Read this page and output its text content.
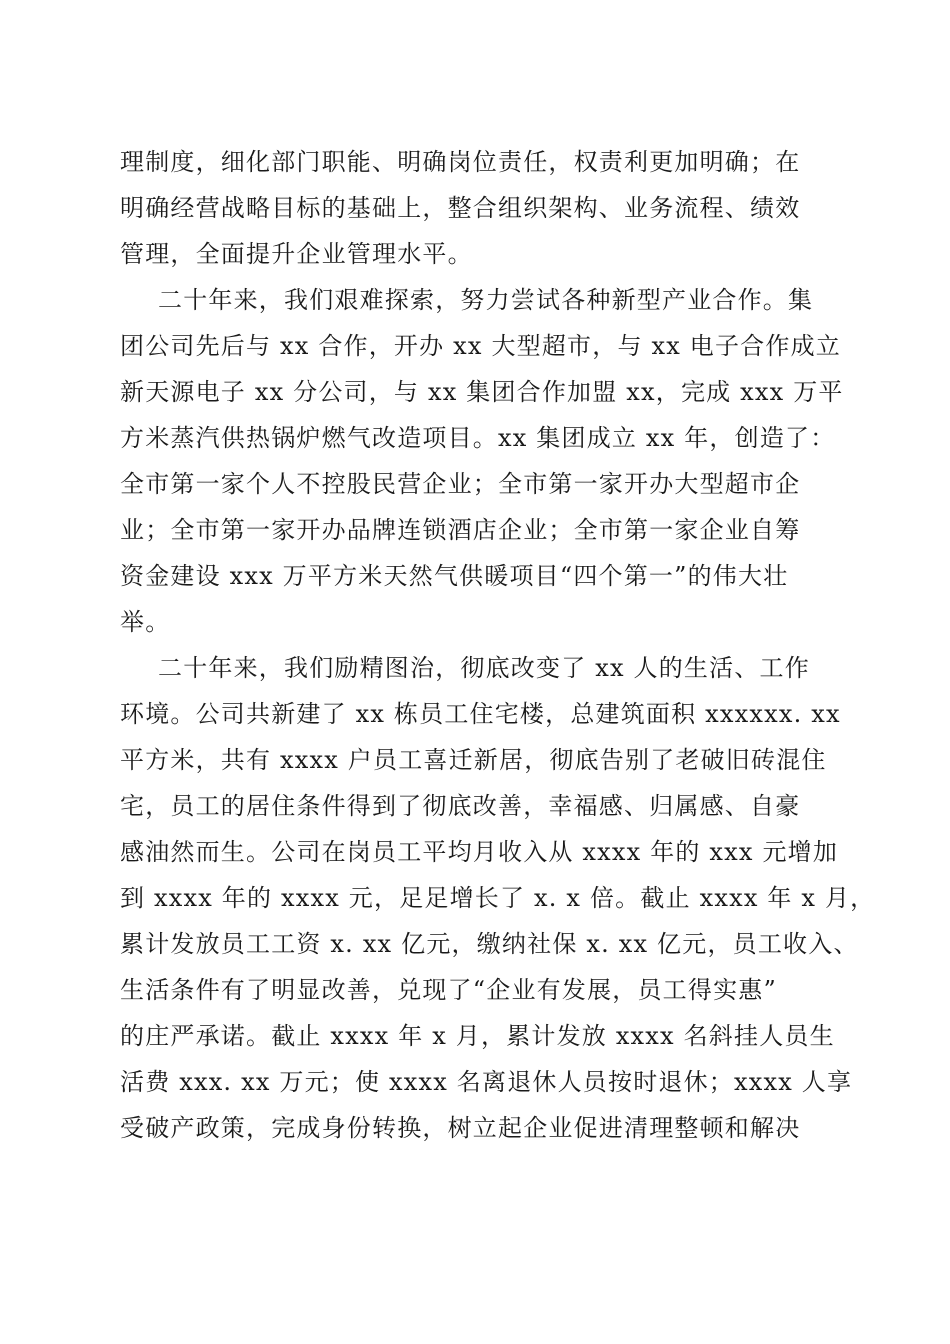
理制度，细化部门职能、明确岗位责任，权责利更加明确；在
明确经营战略目标的基础上，整合组织架构、业务流程、绩效
管理，全面提升企业管理水平。
二十年来，我们艰难探索，努力尝试各种新型产业合作。集
团公司先后与 xx 合作，开办 xx 大型超市，与 xx 电子合作成立
新天源电子 xx 分公司，与 xx 集团合作加盟 xx，完成 xxx 万平
方米蒸汽供热锅炉燃气改造项目。xx 集团成立 xx 年，创造了：
全市第一家个人不控股民营企业；全市第一家开办大型超市企
业；全市第一家开办品牌连锁酒店企业；全市第一家企业自筹
资金建设 xxx 万平方米天然气供暖项目“四个第一”的伟大壮
举。
二十年来，我们励精图治，彻底改变了 xx 人的生活、工作
环境。公司共新建了 xx 栋员工住宅楼，总建筑面积 xxxxxx. xx
平方米，共有 xxxx 户员工喜迁新居，彻底告别了老破旧砖混住
宅，员工的居住条件得到了彻底改善，幸福感、归属感、自豪
感油然而生。公司在岗员工平均月收入从 xxxx 年的 xxx 元增加
到 xxxx 年的 xxxx 元，足足增长了 x. x 倍。截止 xxxx 年 x 月，
累计发放员工工资 x. xx 亿元，缴纳社保 x. xx 亿元，员工收入、
生活条件有了明显改善，兑现了“企业有发展，员工得实惠”
的庄严承诺。截止 xxxx 年 x 月，累计发放 xxxx 名斜挂人员生
活费 xxx. xx 万元；使 xxxx 名离退休人员按时退休；xxxx 人享
受破产政策，完成身份转换，树立起企业促进清理整顿和解决
